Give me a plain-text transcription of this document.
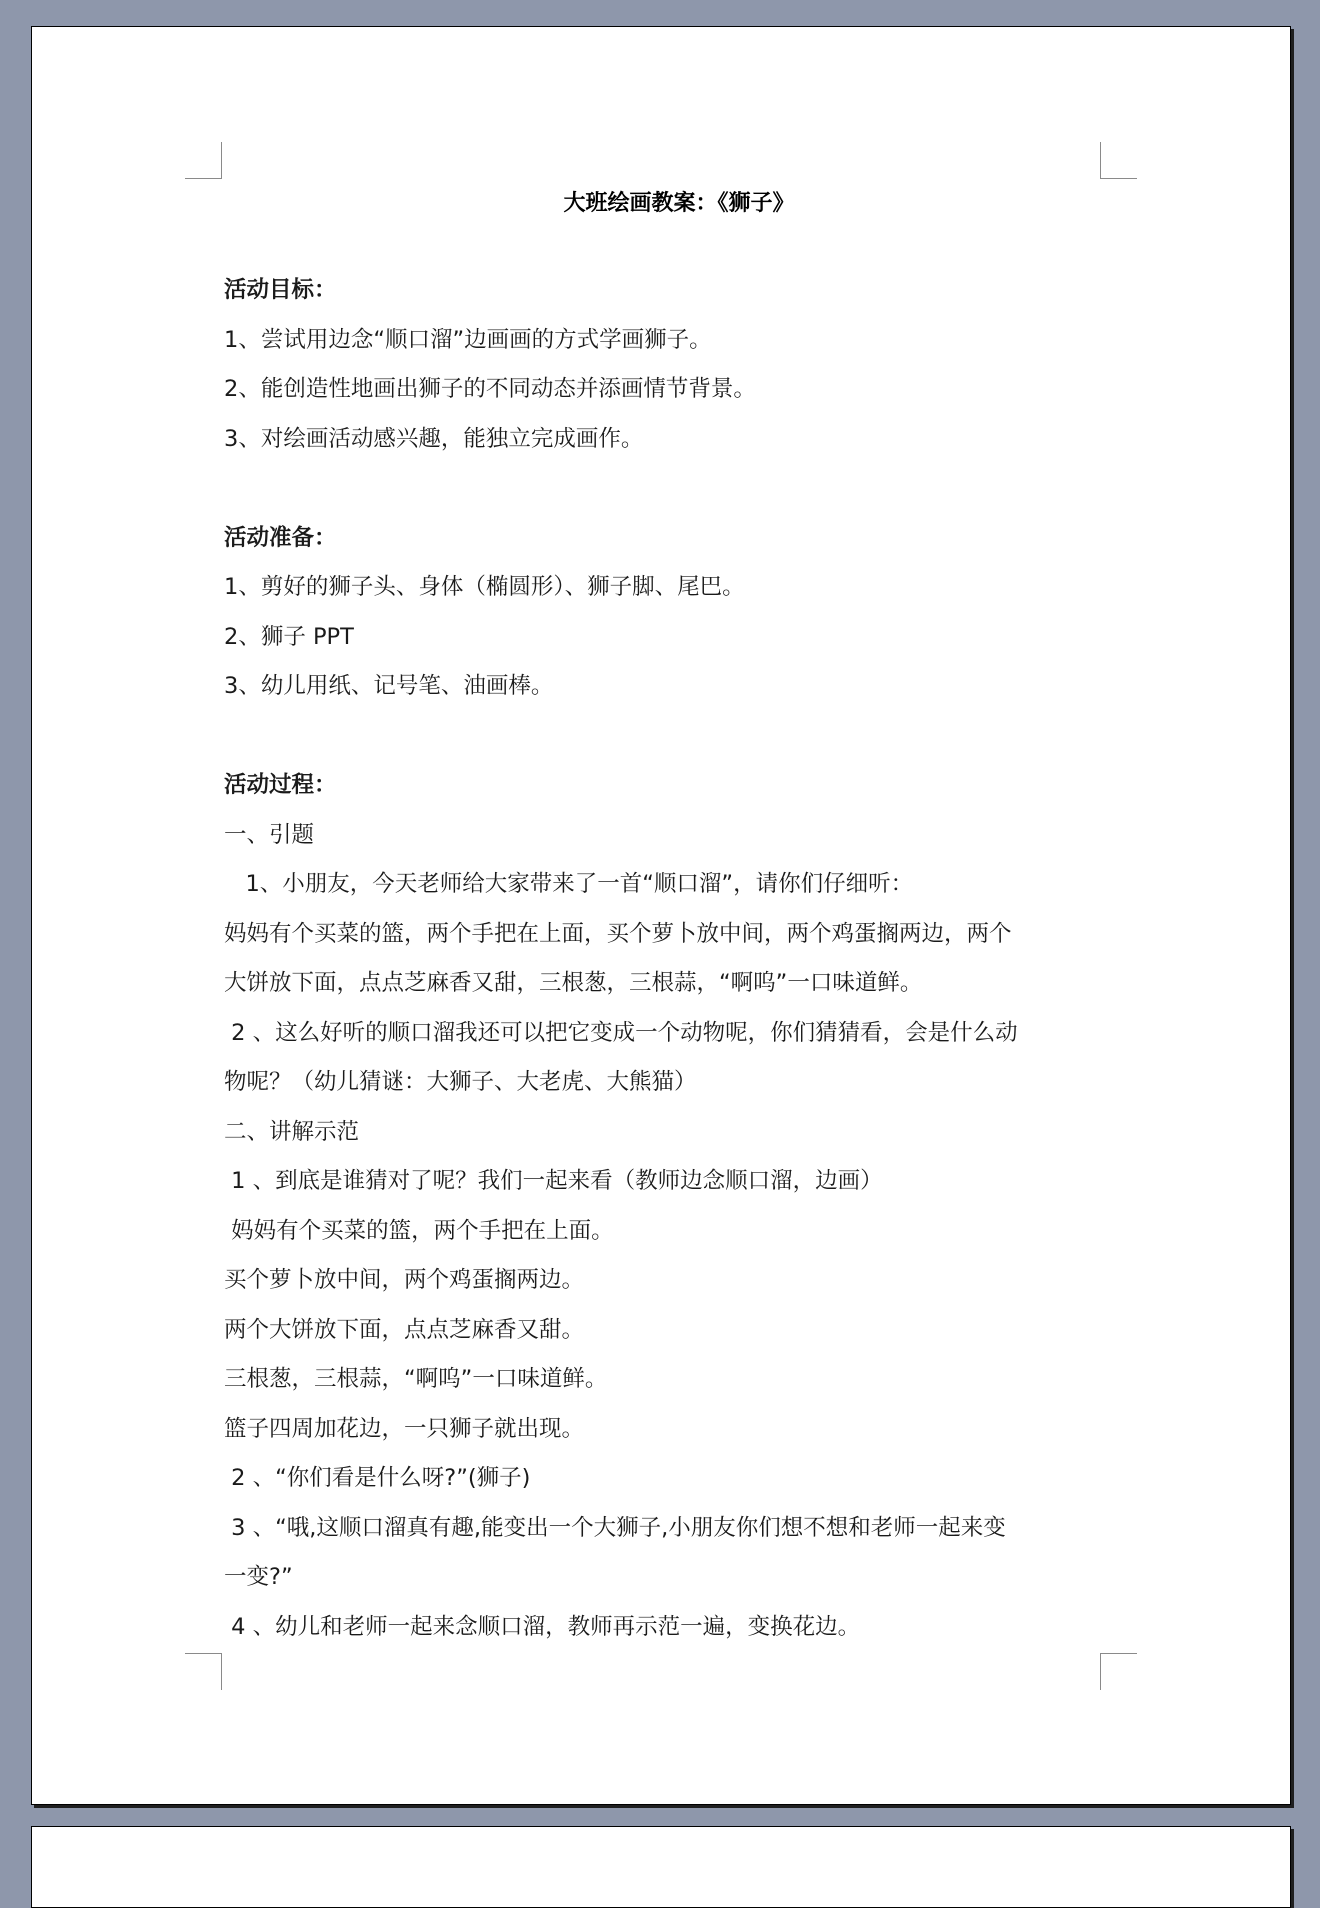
大班绘画教案：《狮子》
活动目标：
1、尝试用边念“顺口溜”边画画的方式学画狮子。
2、能创造性地画出狮子的不同动态并添画情节背景。
3、对绘画活动感兴趣，能独立完成画作。
活动准备：
1、剪好的狮子头、身体（椭圆形）、狮子脚、尾巴。
2、狮子 PPT
3、幼儿用纸、记号笔、油画棒。
活动过程：
一、引题
1、小朋友，今天老师给大家带来了一首“顺口溜”，请你们仔细听：
妈妈有个买菜的篮，两个手把在上面，买个萝卜放中间，两个鸡蛋搁两边，两个
大饼放下面，点点芝麻香又甜，三根葱，三根蒜，“啊呜”一口味道鲜。
2 、这么好听的顺口溜我还可以把它变成一个动物呢，你们猜猜看，会是什么动
物呢？（幼儿猜谜：大狮子、大老虎、大熊猫）
二、讲解示范
1 、到底是谁猜对了呢？我们一起来看（教师边念顺口溜，边画）
妈妈有个买菜的篮，两个手把在上面。
买个萝卜放中间，两个鸡蛋搁两边。
两个大饼放下面，点点芝麻香又甜。
三根葱，三根蒜，“啊呜”一口味道鲜。
篮子四周加花边，一只狮子就出现。
2 、“你们看是什么呀?”(狮子)
3 、“哦,这顺口溜真有趣,能变出一个大狮子,小朋友你们想不想和老师一起来变
一变?”
4 、幼儿和老师一起来念顺口溜，教师再示范一遍，变换花边。
